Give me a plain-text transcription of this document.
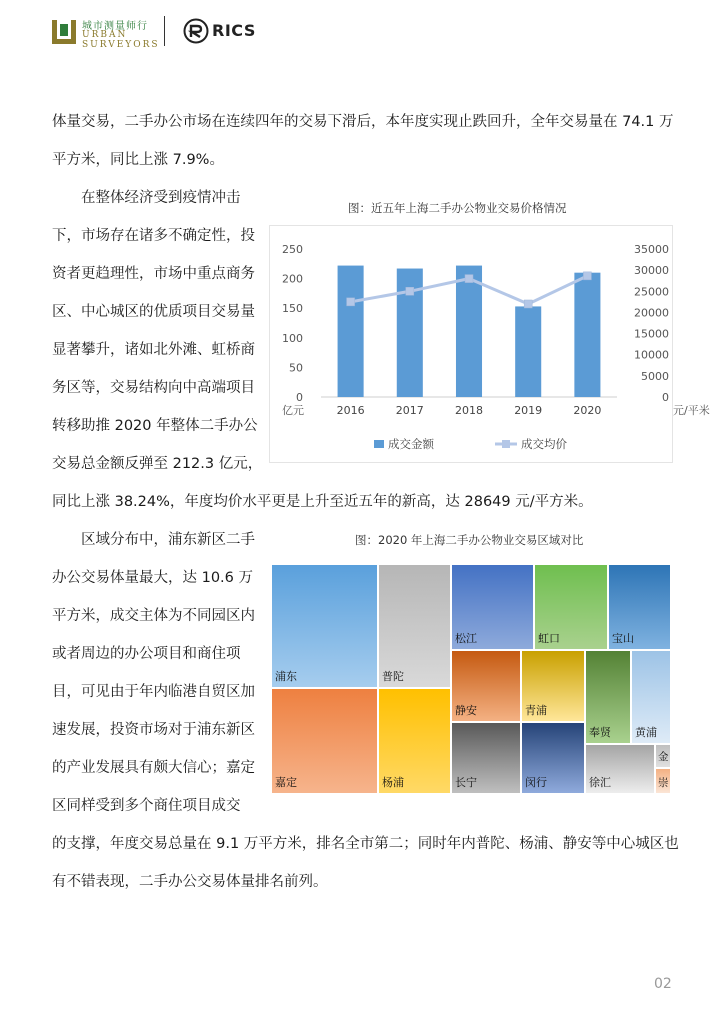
城市测量师行
URBAN
SURVEYORS
RICS
体量交易，二手办公市场在连续四年的交易下滑后，本年度实现止跌回升，全年交易量在 74.1 万
平方米，同比上涨 7.9%。
　　在整体经济受到疫情冲击
下，市场存在诸多不确定性，投
资者更趋理性，市场中重点商务
区、中心城区的优质项目交易量
显著攀升，诸如北外滩、虹桥商
务区等，交易结构向中高端项目
转移助推 2020 年整体二手办公
交易总金额反弹至 212.3 亿元，
同比上涨 38.24%，年度均价水平更是上升至近五年的新高，达 28649 元/平方米。
图：近五年上海二手办公物业交易价格情况
0
50
100
150
200
250
0
5000
10000
15000
20000
25000
30000
35000
2016	2017	2018	2019	2020
亿元	元/平米
成交金额	成交均价
　　区域分布中，浦东新区二手
办公交易体量最大，达 10.6 万
平方米，成交主体为不同园区内
或者周边的办公项目和商住项
目，可见由于年内临港自贸区加
速发展，投资市场对于浦东新区
的产业发展具有颇大信心；嘉定
区同样受到多个商住项目成交
的支撑，年度交易总量在 9.1 万平方米，排名全市第二；同时年内普陀、杨浦、静安等中心城区也
有不错表现，二手办公交易体量排名前列。
图：2020 年上海二手办公物业交易区域对比
浦东	普陀
嘉定	杨浦
松江	虹口	宝山
静安	青浦
奉贤 黄浦
长宁	闵行	徐汇
金
崇
02
